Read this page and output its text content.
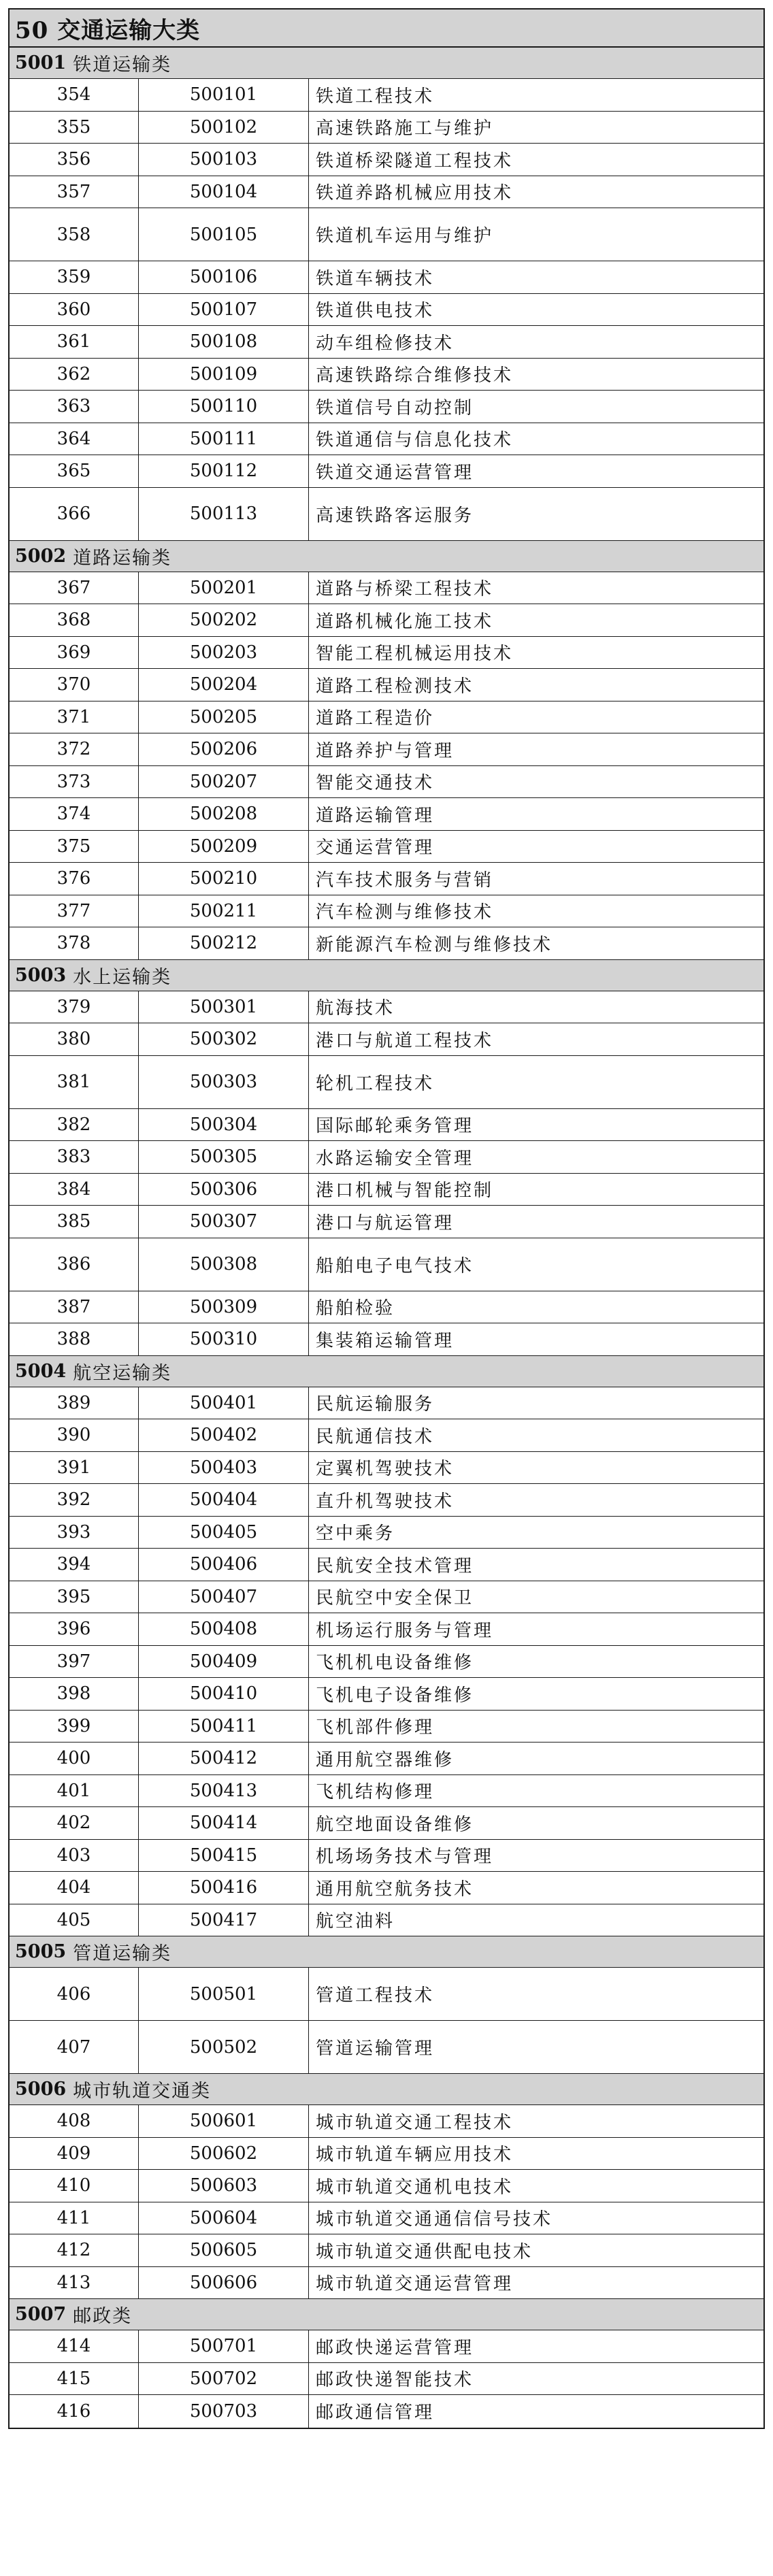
50 交通运输大类
5001 铁道运输类
354	500101	铁道工程技术
355	500102	高速铁路施工与维护
356	500103	铁道桥梁隧道工程技术
357	500104	铁道养路机械应用技术
358	500105	铁道机车运用与维护
359	500106	铁道车辆技术
360	500107	铁道供电技术
361	500108	动车组检修技术
362	500109	高速铁路综合维修技术
363	500110	铁道信号自动控制
364	500111	铁道通信与信息化技术
365	500112	铁道交通运营管理
366	500113	高速铁路客运服务
5002 道路运输类
367	500201	道路与桥梁工程技术
368	500202	道路机械化施工技术
369	500203	智能工程机械运用技术
370	500204	道路工程检测技术
371	500205	道路工程造价
372	500206	道路养护与管理
373	500207	智能交通技术
374	500208	道路运输管理
375	500209	交通运营管理
376	500210	汽车技术服务与营销
377	500211	汽车检测与维修技术
378	500212	新能源汽车检测与维修技术
5003 水上运输类
379	500301	航海技术
380	500302	港口与航道工程技术
381	500303	轮机工程技术
382	500304	国际邮轮乘务管理
383	500305	水路运输安全管理
384	500306	港口机械与智能控制
385	500307	港口与航运管理
386	500308	船舶电子电气技术
387	500309	船舶检验
388	500310	集装箱运输管理
5004 航空运输类
389	500401	民航运输服务
390	500402	民航通信技术
391	500403	定翼机驾驶技术
392	500404	直升机驾驶技术
393	500405	空中乘务
394	500406	民航安全技术管理
395	500407	民航空中安全保卫
396	500408	机场运行服务与管理
397	500409	飞机机电设备维修
398	500410	飞机电子设备维修
399	500411	飞机部件修理
400	500412	通用航空器维修
401	500413	飞机结构修理
402	500414	航空地面设备维修
403	500415	机场场务技术与管理
404	500416	通用航空航务技术
405	500417	航空油料
5005 管道运输类
406	500501	管道工程技术
407	500502	管道运输管理
5006 城市轨道交通类
408	500601	城市轨道交通工程技术
409	500602	城市轨道车辆应用技术
410	500603	城市轨道交通机电技术
411	500604	城市轨道交通通信信号技术
412	500605	城市轨道交通供配电技术
413	500606	城市轨道交通运营管理
5007 邮政类
414	500701	邮政快递运营管理
415	500702	邮政快递智能技术
416	500703	邮政通信管理
